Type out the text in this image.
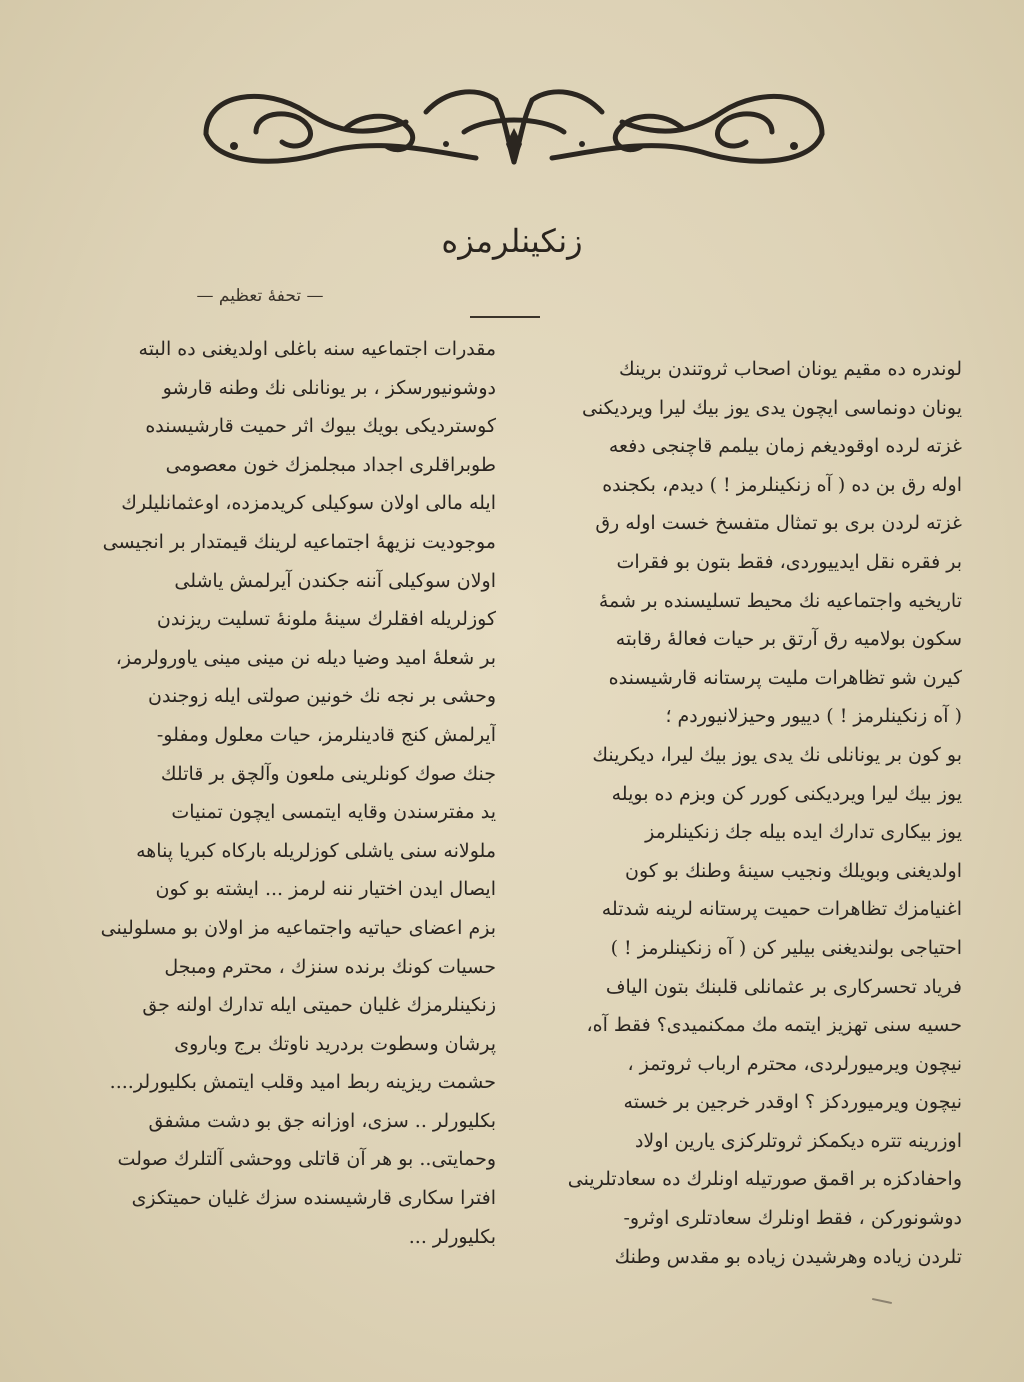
زنکینلرمزه
— تحفهٔ تعظیم —
لوندره ده مقیم یونان اصحاب ثروتندن برینك
یونان دونماسی ایچون یدی یوز بیك لیرا ویردیکنی
غزته لرده اوقودیغم زمان بیلمم قاچنجی دفعه
اوله رق بن ده ( آه زنکینلرمز ! ) دیدم، بکجنده
غزته لردن بری بو تمثال متفسخ خست اوله رق
بر فقره نقل ایدییوردی، فقط بتون بو فقرات
تاریخیه واجتماعیه نك محیط تسلیسنده بر شمهٔ
سکون بولامیه رق آرتق بر حیات فعالهٔ رقابته
کیرن شو تظاهرات ملیت پرستانه قارشیسنده
( آه زنکینلرمز ! ) دییور وحیزلانیوردم ؛
بو کون بر یونانلی نك یدی یوز بیك لیرا، دیکرینك
یوز بیك لیرا ویردیکنی کورر کن وبزم ده بویله
یوز بیکاری تدارك ایده بیله جك زنکینلرمز
اولدیغنی وبویلك ونجیب سینهٔ وطنك بو کون
اغنیامزك تظاهرات حمیت پرستانه لرینه شدتله
احتیاجی بولندیغنی بیلیر کن ( آه زنکینلرمز ! )
فریاد تحسرکاری بر عثمانلی قلبنك بتون الیاف
حسیه سنی تهزیز ایتمه مك ممکنمیدی؟ فقط آه،
نیچون ویرمیورلردی، محترم ارباب ثروتمز ،
نیچون ویرمیوردکز ؟ اوقدر خرجین بر خسته
اوزرینه تتره دیکمکز ثروتلرکزی یارین اولاد
واحفادکزه بر اقمق صورتیله اونلرك ده سعادتلرینی
دوشونورکن ، فقط اونلرك سعادتلری اوثرو-
تلردن زیاده وهرشیدن زیاده بو مقدس وطنك
مقدرات اجتماعیه سنه باغلی اولدیغنی ده البته
دوشونیورسکز ، بر یونانلی نك وطنه قارشو
کوستردیکی بویك بیوك اثر حمیت قارشیسنده
طوبراقلری اجداد مبجلمزك خون معصومی
ایله مالی اولان سوکیلی کریدمزده، اوعثمانلیلرك
موجودیت نزیههٔ اجتماعیه لرینك قیمتدار بر انجیسی
اولان سوکیلی آننه جکندن آیرلمش یاشلی
کوزلریله افقلرك سینهٔ ملونهٔ تسلیت ریزندن
بر شعلهٔ امید وضیا دیله نن مینی مینی یاورولرمز،
وحشی بر نجه نك خونین صولتی ایله زوجندن
آیرلمش کنج قادینلرمز، حیات معلول ومفلو-
جنك صوك کونلرینی ملعون وآلچق بر قاتلك
ید مفترسندن وقایه ایتمسی ایچون تمنیات
ملولانه سنی یاشلی کوزلریله بارکاه کبریا پناهه
ایصال ایدن اختیار ننه لرمز ... ایشته بو کون
بزم اعضای حیاتیه واجتماعیه مز اولان بو مسلولینی
حسیات کونك برنده سنزك ، محترم ومبجل
زنکینلرمزك غلیان حمیتی ایله تدارك اولنه جق
پرشان وسطوت بردرید ناوتك برج وباروی
حشمت ریزینه ربط امید وقلب ایتمش بکلیورلر....
بکلیورلر .. سزی، اوزانه جق بو دشت مشفق
وحمایتی.. بو هر آن قاتلی ووحشی آلتلرك صولت
افترا سکاری قارشیسنده سزك غلیان حمیتکزی
بکلیورلر ...
